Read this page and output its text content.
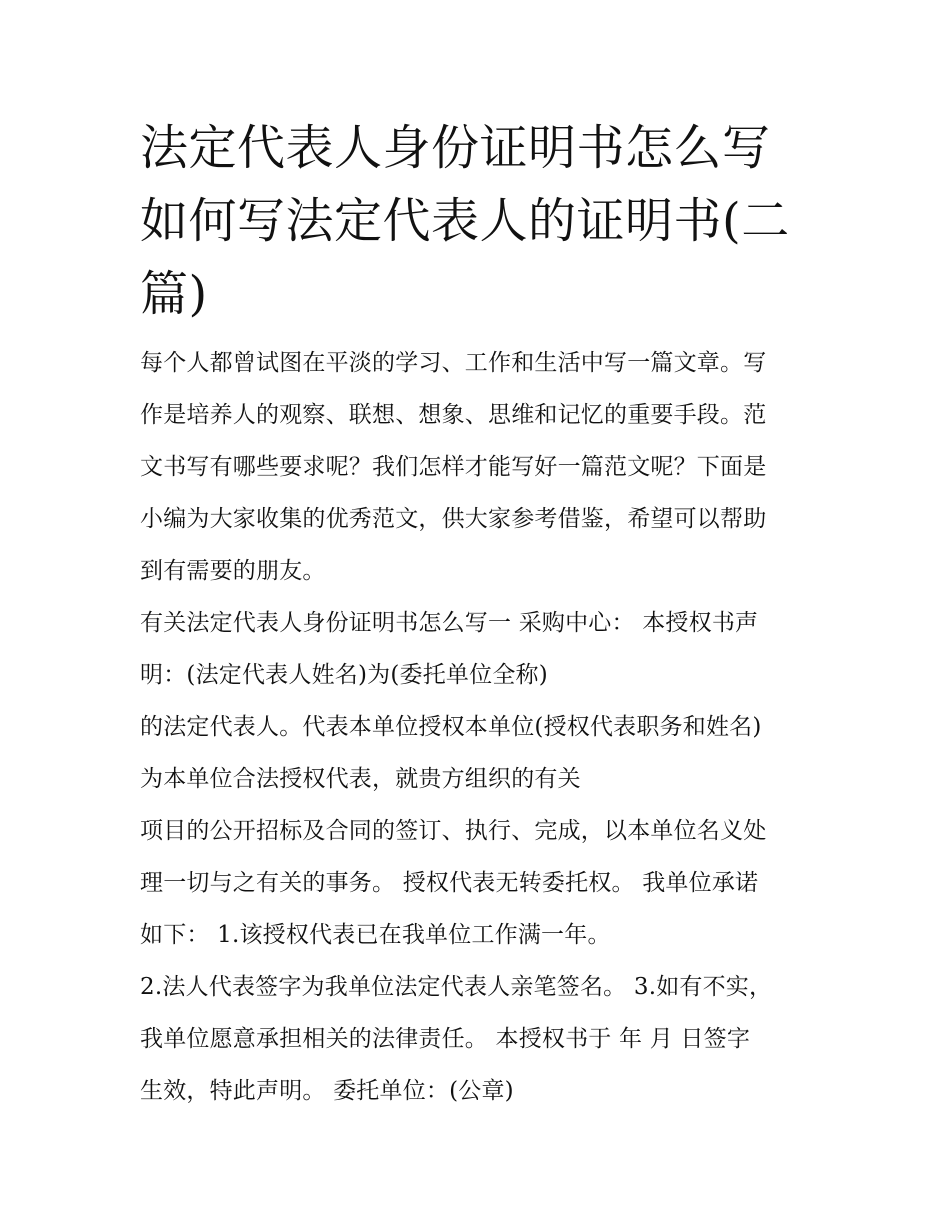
法定代表人身份证明书怎么写
如何写法定代表人的证明书(二
篇)

每个人都曾试图在平淡的学习、工作和生活中写一篇文章。写
作是培养人的观察、联想、想象、思维和记忆的重要手段。范
文书写有哪些要求呢？我们怎样才能写好一篇范文呢？下面是
小编为大家收集的优秀范文，供大家参考借鉴，希望可以帮助
到有需要的朋友。

有关法定代表人身份证明书怎么写一 采购中心： 本授权书声
明：(法定代表人姓名)为(委托单位全称)
的法定代表人。代表本单位授权本单位(授权代表职务和姓名)
为本单位合法授权代表，就贵方组织的有关
项目的公开招标及合同的签订、执行、完成，以本单位名义处
理一切与之有关的事务。 授权代表无转委托权。 我单位承诺
如下： 1.该授权代表已在我单位工作满一年。
2.法人代表签字为我单位法定代表人亲笔签名。 3.如有不实，
我单位愿意承担相关的法律责任。 本授权书于 年 月 日签字
生效，特此声明。 委托单位：(公章)
